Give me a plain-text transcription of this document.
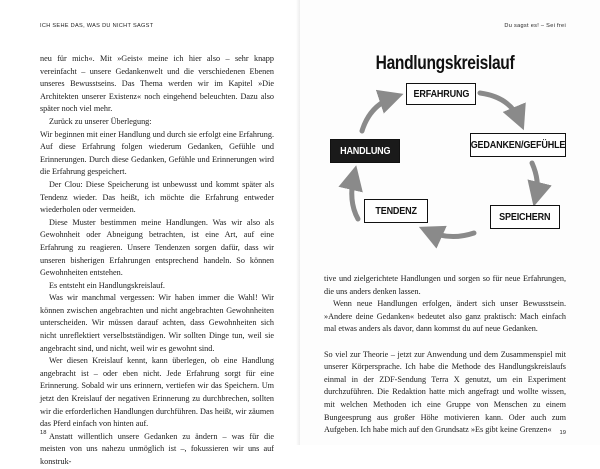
ICH SEHE DAS, WAS DU NICHT SAGST

neu für mich«. Mit »Geist« meine ich hier also – sehr knapp vereinfacht – unsere Gedankenwelt und die verschiedenen Ebenen unseres Bewusstseins. Das Thema werden wir im Kapitel »Die Architekten unserer Existenz« noch eingehend beleuchten. Dazu also später noch viel mehr.

Zurück zu unserer Überlegung:

Wir beginnen mit einer Handlung und durch sie erfolgt eine Erfahrung. Auf diese Erfahrung folgen wiederum Gedanken, Gefühle und Erinnerungen. Durch diese Gedanken, Gefühle und Erinnerungen wird die Erfahrung gespeichert.

Der Clou: Diese Speicherung ist unbewusst und kommt später als Tendenz wieder. Das heißt, ich möchte die Erfahrung entweder wiederholen oder vermeiden.

Diese Muster bestimmen meine Handlungen. Was wir also als Gewohnheit oder Abneigung betrachten, ist eine Art, auf eine Erfahrung zu reagieren. Unsere Tendenzen sorgen dafür, dass wir unseren bisherigen Erfahrungen entsprechend handeln. So können Gewohnheiten entstehen.

Es entsteht ein Handlungskreislauf.

Was wir manchmal vergessen: Wir haben immer die Wahl! Wir können zwischen angebrachten und nicht angebrachten Gewohnheiten unterscheiden. Wir müssen darauf achten, dass Gewohnheiten sich nicht unreflektiert verselbstständigen. Wir sollten Dinge tun, weil sie angebracht sind, und nicht, weil wir es gewohnt sind.

Wer diesen Kreislauf kennt, kann überlegen, ob eine Handlung angebracht ist – oder eben nicht. Jede Erfahrung sorgt für eine Erinnerung. Sobald wir uns erinnern, vertiefen wir das Speichern. Um jetzt den Kreislauf der negativen Erinnerung zu durchbrechen, sollten wir die erforderlichen Handlungen durchführen. Das heißt, wir zäumen das Pferd einfach von hinten auf.

Anstatt willentlich unsere Gedanken zu ändern – was für die meisten von uns nahezu unmöglich ist –, fokussieren wir uns auf konstruk-

18
Du sagst es! – Sei frei
Handlungskreislauf
ERFAHRUNG
GEDANKEN/GEFÜHLE
SPEICHERN
TENDENZ
HANDLUNG

tive und zielgerichtete Handlungen und sorgen so für neue Erfahrungen, die uns anders denken lassen.

Wenn neue Handlungen erfolgen, ändert sich unser Bewusstsein. »Andere deine Gedanken« bedeutet also ganz praktisch: Mach einfach mal etwas anders als davor, dann kommst du auf neue Gedanken.

So viel zur Theorie – jetzt zur Anwendung und dem Zusammenspiel mit unserer Körpersprache. Ich habe die Methode des Handlungskreislaufs einmal in der ZDF-Sendung Terra X genutzt, um ein Experiment durchzuführen. Die Redaktion hatte mich angefragt und wollte wissen, mit welchen Methoden ich eine Gruppe von Menschen zu einem Bungeesprung aus großer Höhe motivieren kann. Oder auch zum Aufgeben. Ich habe mich auf den Grundsatz »Es gibt keine Grenzen«	19
